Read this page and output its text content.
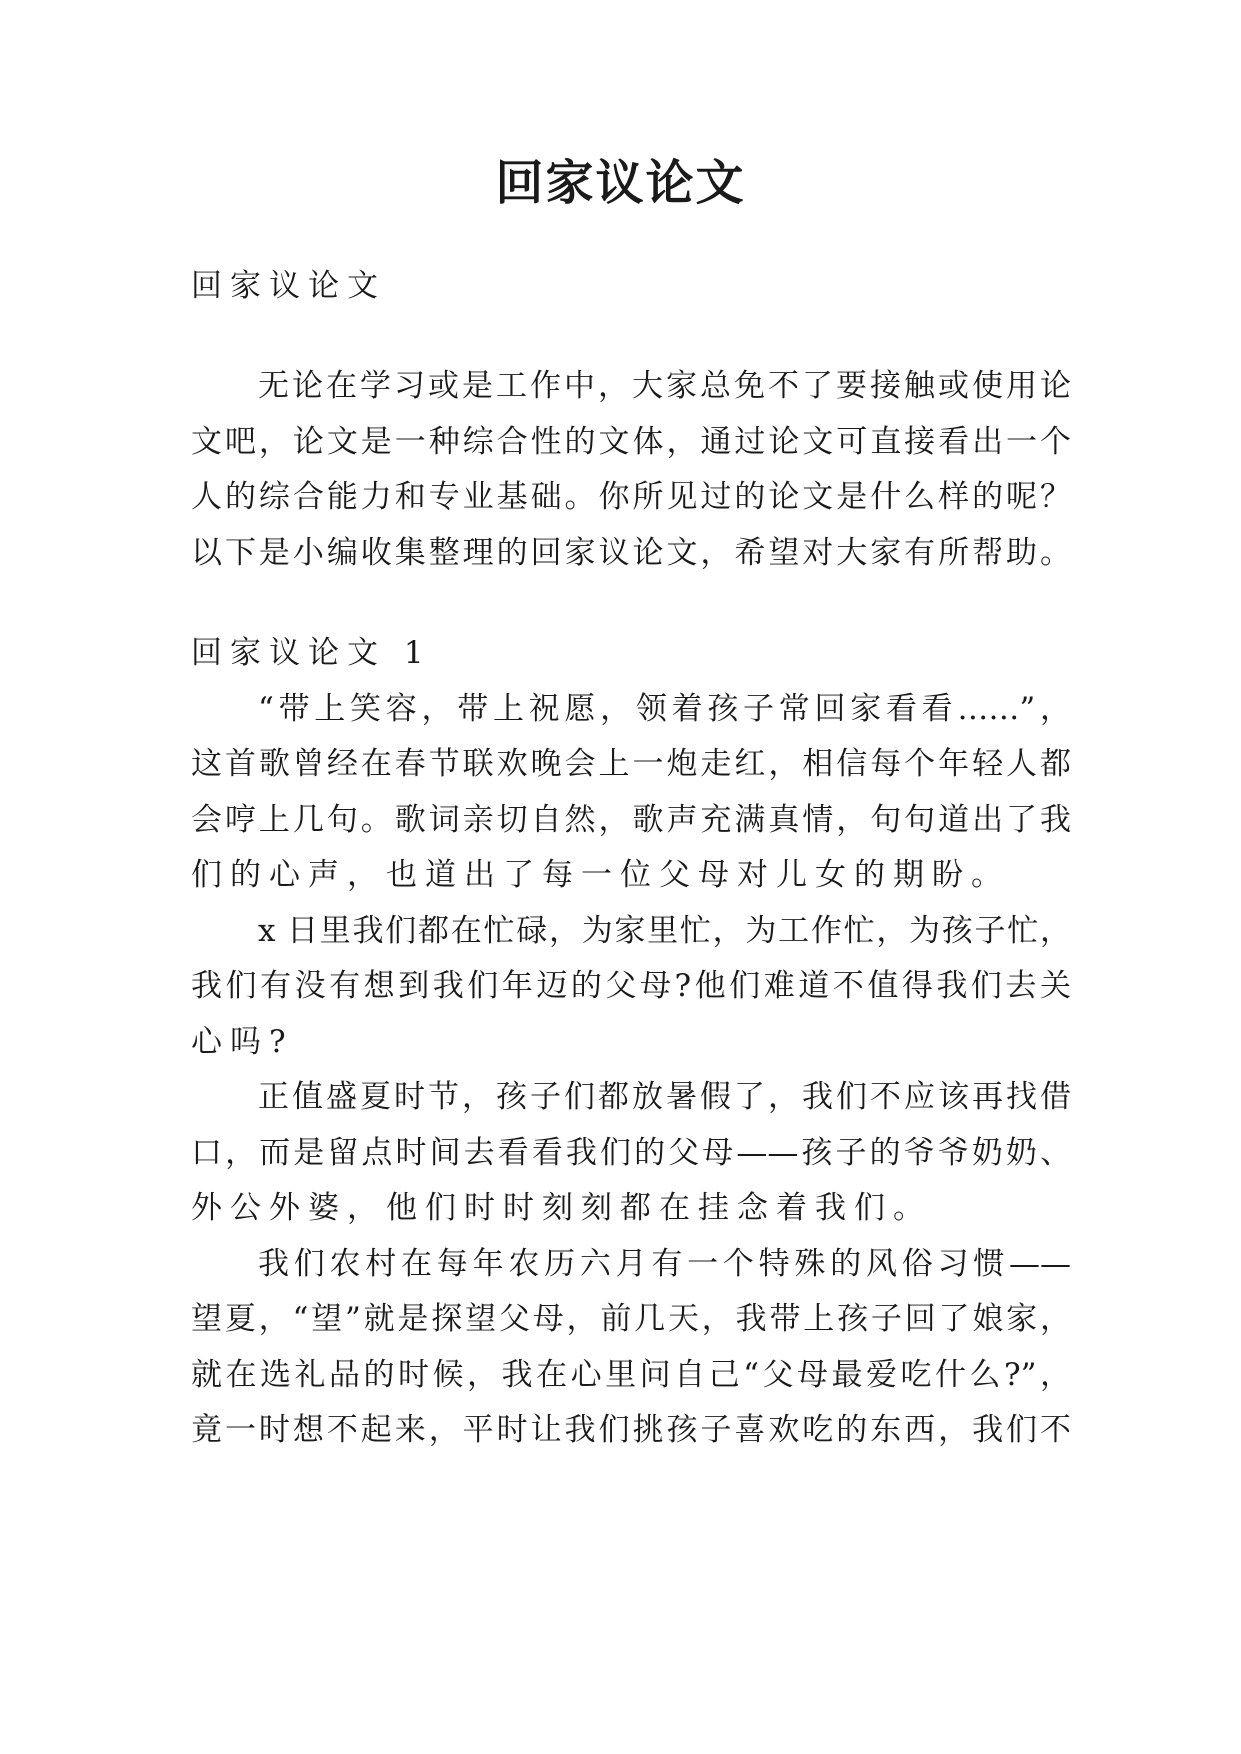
回家议论文

回家议论文

无论在学习或是工作中，大家总免不了要接触或使用论

文吧，论文是一种综合性的文体，通过论文可直接看出一个

人的综合能力和专业基础。你所见过的论文是什么样的呢？

以下是小编收集整理的回家议论文，希望对大家有所帮助。

回家议论文 1

“带上笑容，带上祝愿，领着孩子常回家看看……”，

这首歌曾经在春节联欢晚会上一炮走红，相信每个年轻人都

会哼上几句。歌词亲切自然，歌声充满真情，句句道出了我

们的心声，也道出了每一位父母对儿女的期盼。

x 日里我们都在忙碌，为家里忙，为工作忙，为孩子忙，

我们有没有想到我们年迈的父母?他们难道不值得我们去关

心吗?

正值盛夏时节，孩子们都放暑假了，我们不应该再找借

口，而是留点时间去看看我们的父母——孩子的爷爷奶奶、

外公外婆，他们时时刻刻都在挂念着我们。

我们农村在每年农历六月有一个特殊的风俗习惯——

望夏，“望”就是探望父母，前几天，我带上孩子回了娘家，

就在选礼品的时候，我在心里问自己“父母最爱吃什么?”，

竟一时想不起来，平时让我们挑孩子喜欢吃的东西，我们不
